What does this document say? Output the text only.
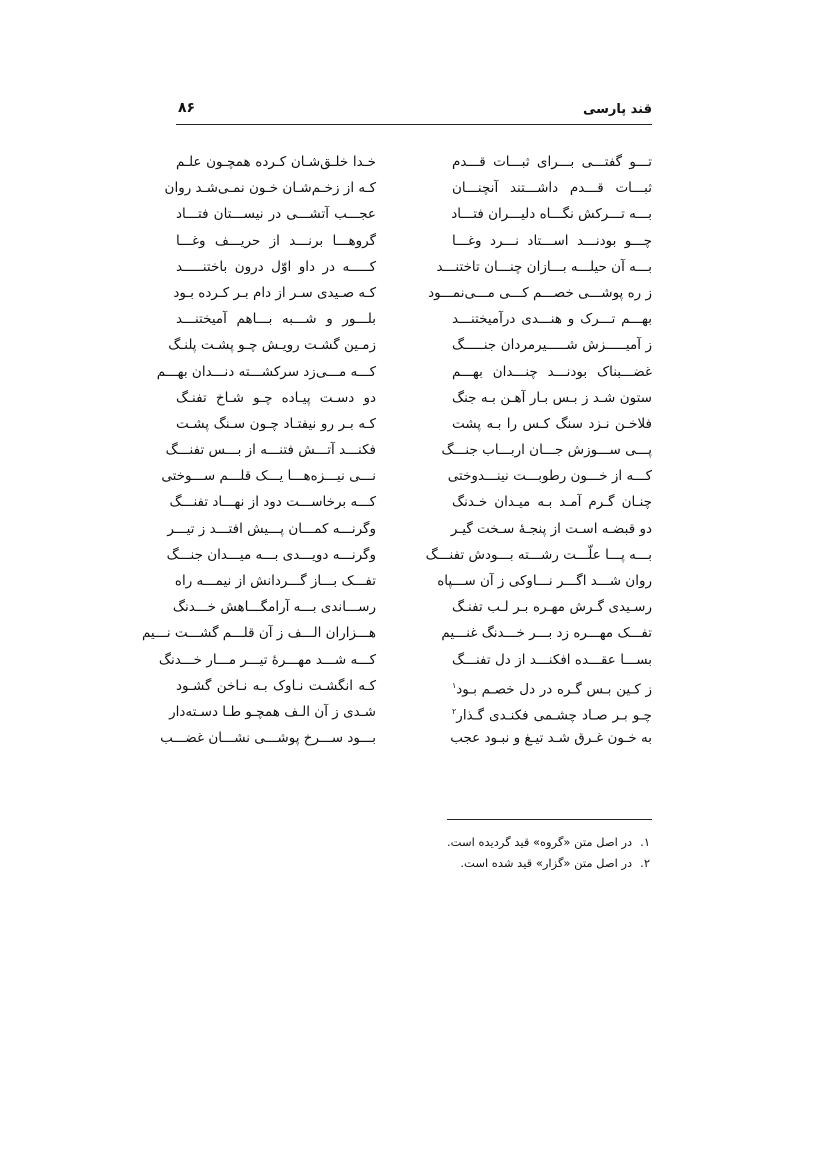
قند پارسی
۸۶
تـــو گفتـــی بـــرای ثبـــات قـــدم
خـدا خلـق‌شـان کـرده همچـون علـم
ثبـــات قـــدم داشـــتند آنچنـــان
کـه از زخـم‌شـان خـون نمـی‌شـد روان
بـــه تـــرکش نگـــاه دلیـــران فتـــاد
عجـــب آتشـــی در نیســـتان فتـــاد
چـــو بودنـــد اســـتاد نـــرد وغـــا
گروهـــا برنـــد از حریـــف وغـــا
بـــه آن حیلـــه بـــازان چنـــان تاختنـــد
کـــــه در داو اوّل درون باختنـــــد
ز ره پوشـــی خصـــم کـــی مـــی‌نمـــود
کـه صـیدی سـر از دام بـر کـرده بـود
بهـــم تـــرک و هنـــدی درآمیختنـــد
بلـــور و شـــبه بـــاهم آمیختنـــد
ز آمیـــــزش شـــــیرمردان جنـــــگ
زمـین گشـت رویـش چـو پشـت پلنـگ
غضـــبناک بودنـــد چنـــدان بهـــم
کـــه مـــی‌زد سرکشـــته دنـــدان بهـــم
ستون شـد ز بـس بـار آهـن بـه جنگ
دو دسـت پیـاده چـو شـاخ تفنـگ
فلاخـن نـزد سنگ کـس را بـه پشت
کـه بـر رو نیفتـاد چـون سـنگ پشـت
پـــی ســـوزش جـــان اربـــاب جنـــگ
فکنـــد آتـــش فتنـــه از بـــس تفنـــگ
کـــه از خـــون رطوبـــت نینـــدوختی
نـــی نیـــزه‌هـــا یـــک قلـــم ســـوختی
چنـان گـرم آمـد بـه میـدان خـدنگ
کـــه برخاســـت دود از نهـــاد تفنـــگ
دو قبضـه اسـت از پنجـهٔ سـخت گیـر
وگرنـــه کمـــان پـــیش افتـــد ز تیـــر
بـــه پـــا علّـــت رشـــته بـــودش تفنـــگ
وگرنـــه دویـــدی بـــه میـــدان جنـــگ
روان شـــد اگـــر نـــاوکی ز آن ســـپاه
تفـــک بـــاز گـــردانش از نیمـــه راه
رسـیدی گـرش مهـره بـر لـب تفنـگ
رســـاندی بـــه آرامگـــاهش خـــدنگ
تفـــک مهـــره زد بـــر خـــدنگ غنـــیم
هـــزاران الـــف ز آن قلـــم گشـــت نـــیم
بســـا عقـــده افکنـــد از دل تفنـــگ
کـــه شـــد مهـــرهٔ تیـــر مـــار خـــدنگ
ز کـین بـس گـره در دل خصـم بـود$^۱$
کـه انگشـت نـاوک بـه نـاخن گشـود
چـو بـر صـاد چشـمی فکنـدی گـذار$^۲$
شـدی ز آن الـف همچـو طـا دسـته‌دار
به خـون غـرق شـد تیـغ و نبـود عجب
بـــود ســـرخ پوشـــی نشـــان غضـــب
۱.در اصل متن «گروه» قید گردیده است.
۲.در اصل متن «گزار» قید شده است.
